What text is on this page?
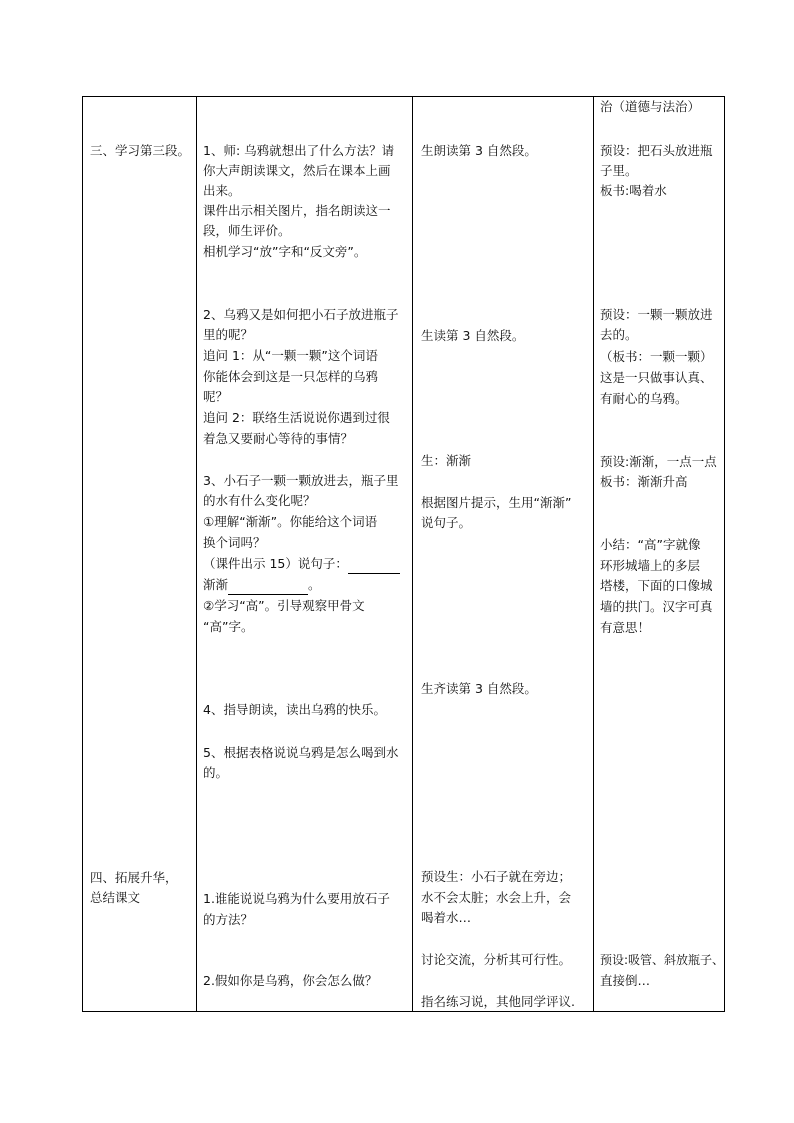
三、学习第三段。
四、拓展升华，
总结课文
1、师: 乌鸦就想出了什么方法？请
你大声朗读课文，然后在课本上画
出来。
课件出示相关图片，指名朗读这一
段，师生评价。
相机学习“放”字和“反文旁”。
2、乌鸦又是如何把小石子放进瓶子
里的呢？
追问 1：从“一颗一颗”这个词语
你能体会到这是一只怎样的乌鸦
呢？
追问 2：联络生活说说你遇到过很
着急又要耐心等待的事情？
3、小石子一颗一颗放进去，瓶子里
的水有什么变化呢？
①理解“渐渐”。你能给这个词语
换个词吗？
（课件出示 15）说句子：
渐渐	。
②学习“高”。引导观察甲骨文
“高”字。
4、指导朗读，读出乌鸦的快乐。
5、根据表格说说乌鸦是怎么喝到水
的。
1.谁能说说乌鸦为什么要用放石子
的方法？
2.假如你是乌鸦，你会怎么做？
生朗读第 3 自然段。
生读第 3 自然段。
生：渐渐
根据图片提示，生用“渐渐”
说句子。
生齐读第 3 自然段。
预设生：小石子就在旁边；
水不会太脏；水会上升，会
喝着水…
讨论交流，分析其可行性。
指名练习说，其他同学评议.
治（道德与法治）
预设：把石头放进瓶
子里。
板书:喝着水
预设：一颗一颗放进
去的。
（板书：一颗一颗）
这是一只做事认真、
有耐心的乌鸦。
预设:渐渐，一点一点
板书：渐渐升高
小结：“高”字就像
环形城墙上的多层
塔楼，下面的口像城
墙的拱门。汉字可真
有意思！
预设:吸管、斜放瓶子、
直接倒…
